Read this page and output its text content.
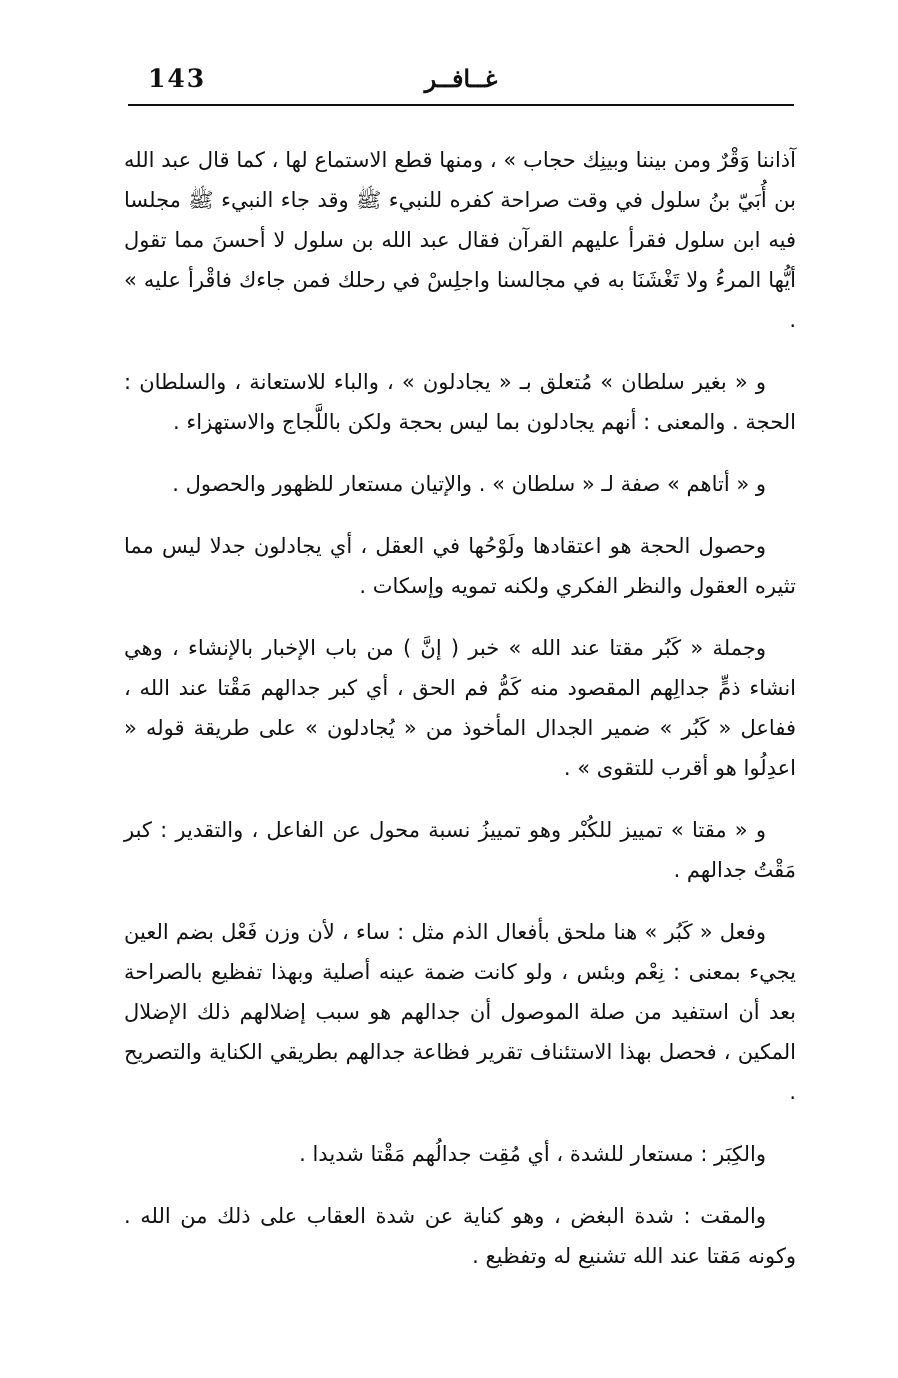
143	غــافــر

آذاننا وَقْرٌ ومن بيننا وبينِك حجاب » ، ومنها قطع الاستماع لها ، كما قال عبد الله بن أُبَيّ بنُ سلول في وقت صراحة كفره للنبيء ﷺ وقد جاء النبيء ﷺ مجلسا فيه ابن سلول فقرأ عليهم القرآن فقال عبد الله بن سلول لا أحسنَ مما تقول أيُّها المرءُ ولا تَغْشَنَا به في مجالسنا واجلِسْ في رحلك فمن جاءك فاقْرأ عليه » .

و « بغير سلطان » مُتعلق بـ « يجادلون » ، والباء للاستعانة ، والسلطان : الحجة . والمعنى : أنهم يجادلون بما ليس بحجة ولكن باللَّجاج والاستهزاء .

و « أتاهم » صفة لـ « سلطان » . والإتيان مستعار للظهور والحصول .

وحصول الحجة هو اعتقادها ولَوْحُها في العقل ، أي يجادلون جدلا ليس مما تثيره العقول والنظر الفكري ولكنه تمويه وإسكات .

وجملة « كَبُر مقتا عند الله » خبر ( إنَّ ) من باب الإخبار بالإنشاء ، وهي انشاء ذمٍّ جدالِهم المقصود منه كَمُّ فم الحق ، أي كبر جدالهم مَقْتا عند الله ، ففاعل « كَبُر » ضمير الجدال المأخوذ من « يُجادلون » على طريقة قوله « اعدِلُوا هو أقرب للتقوى » .

و « مقتا » تمييز للكُبْر وهو تمييزُ نسبة محول عن الفاعل ، والتقدير : كبر مَقْتُ جدالهم .

وفعل « كَبُر » هنا ملحق بأفعال الذم مثل : ساء ، لأن وزن فَعْل بضم العين يجيء بمعنى : نِعْم وبئس ، ولو كانت ضمة عينه أصلية وبهذا تفظيع بالصراحة بعد أن استفيد من صلة الموصول أن جدالهم هو سبب إضلالهم ذلك الإضلال المكين ، فحصل بهذا الاستئناف تقرير فظاعة جدالهم بطريقي الكناية والتصريح .

والكِبَر : مستعار للشدة ، أي مُقِت جدالُهم مَقْتا شديدا .

والمقت : شدة البغض ، وهو كناية عن شدة العقاب على ذلك من الله . وكونه مَقتا عند الله تشنيع له وتفظيع .
